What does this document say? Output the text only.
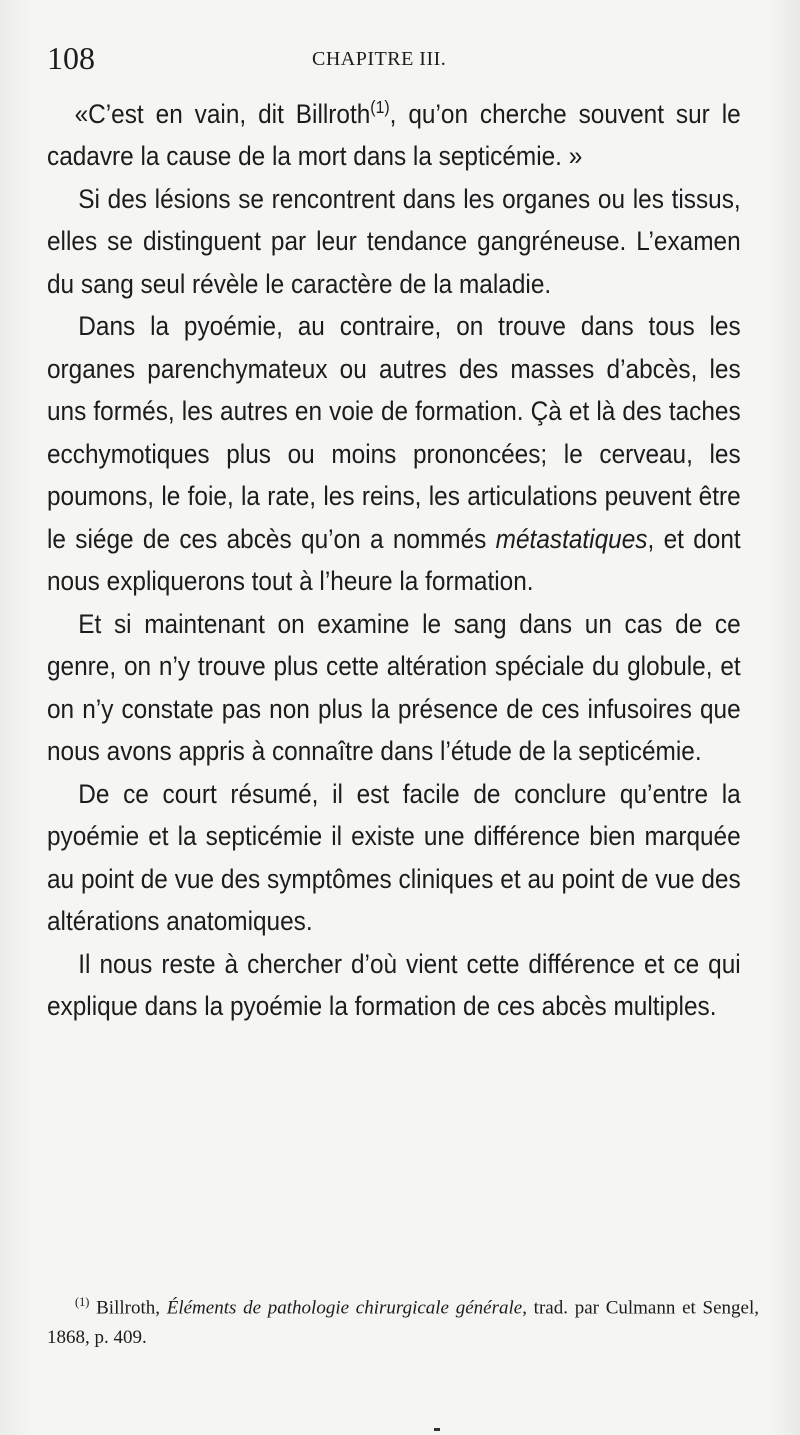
108	CHAPITRE III.

«C’est en vain, dit Billroth$^{(1)}$, qu’on cherche souvent sur le cadavre la cause de la mort dans la septicémie. »

Si des lésions se rencontrent dans les organes ou les tissus, elles se distinguent par leur tendance gangréneuse. L’examen du sang seul révèle le caractère de la maladie.

Dans la pyoémie, au contraire, on trouve dans tous les organes parenchymateux ou autres des masses d’abcès, les uns formés, les autres en voie de formation. Çà et là des taches ecchymotiques plus ou moins prononcées; le cerveau, les poumons, le foie, la rate, les reins, les articulations peuvent être le siége de ces abcès qu’on a nommés métastatiques, et dont nous expliquerons tout à l’heure la formation.

Et si maintenant on examine le sang dans un cas de ce genre, on n’y trouve plus cette altération spéciale du globule, et on n’y constate pas non plus la présence de ces infusoires que nous avons appris à connaître dans l’étude de la septicémie.

De ce court résumé, il est facile de conclure qu’entre la pyoémie et la septicémie il existe une différence bien marquée au point de vue des symptômes cliniques et au point de vue des altérations anatomiques.

Il nous reste à chercher d’où vient cette différence et ce qui explique dans la pyoémie la formation de ces abcès multiples.

$^{(1)}$ Billroth, Éléments de pathologie chirurgicale générale, trad. par Culmann et Sengel, 1868, p. 409.
